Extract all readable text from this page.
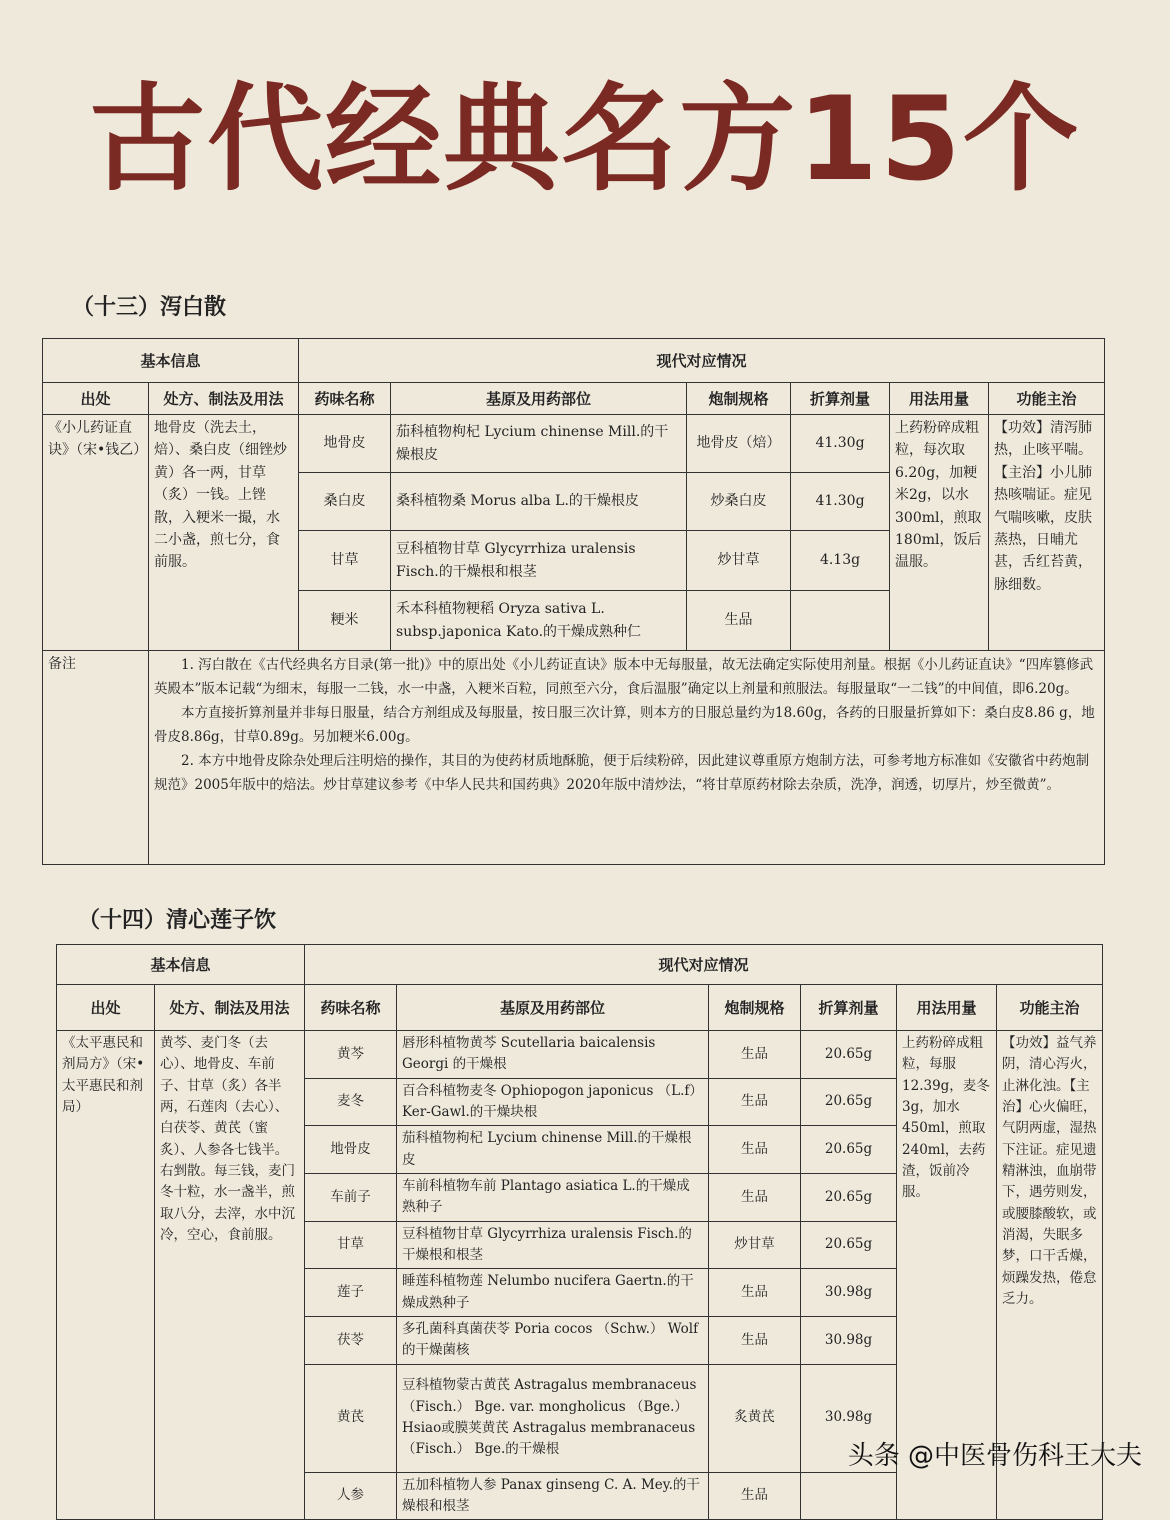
古代经典名方15个
（十三）泻白散
基本信息		现代对应情况					
出处	处方、制法及用法	药味名称	基原及用药部位	炮制规格	折算剂量	用法用量	功能主治
《小儿药证直诀》（宋•钱乙）	地骨皮（洗去土，焙）、桑白皮（细锉炒黄）各一两，甘草（炙）一钱。上锉散，入粳米一撮，水二小盏，煎七分，食前服。	地骨皮	茄科植物枸杞 Lycium chinense Mill.的干燥根皮	地骨皮（焙）	41.30g	上药粉碎成粗粒，每次取6.20g，加粳米2g，以水300ml，煎取180ml，饭后温服。	【功效】清泻肺热，止咳平喘。【主治】小儿肺热咳喘证。症见气喘咳嗽，皮肤蒸热，日晡尤甚，舌红苔黄，脉细数。
		桑白皮	桑科植物桑 Morus alba L.的干燥根皮	炒桑白皮	41.30g		
		甘草	豆科植物甘草 Glycyrrhiza uralensis Fisch.的干燥根和根茎	炒甘草	4.13g		
		粳米	禾本科植物粳稻 Oryza sativa L. subsp.japonica Kato.的干燥成熟种仁	生品			
备注	1. 泻白散在《古代经典名方目录(第一批)》中的原出处《小儿药证直诀》版本中无每服量，故无法确定实际使用剂量。根据《小儿药证直诀》“四库篡修武英殿本”版本记载“为细末，每服一二钱，水一中盏，入粳米百粒，同煎至六分，食后温服”确定以上剂量和煎服法。每服量取“一二钱”的中间值，即6.20g。

本方直接折算剂量并非每日服量，结合方剂组成及每服量，按日服三次计算，则本方的日服总量约为18.60g，各药的日服量折算如下：桑白皮8.86 g，地骨皮8.86g，甘草0.89g。另加粳米6.00g。

2. 本方中地骨皮除杂处理后注明焙的操作，其目的为使药材质地酥脆，便于后续粉碎，因此建议尊重原方炮制方法，可参考地方标准如《安徽省中药炮制规范》2005年版中的焙法。炒甘草建议参考《中华人民共和国药典》2020年版中清炒法，“将甘草原药材除去杂质，洗净，润透，切厚片，炒至微黄”。						

（十四）清心莲子饮
基本信息		现代对应情况					
出处	处方、制法及用法	药味名称	基原及用药部位	炮制规格	折算剂量	用法用量	功能主治
《太平惠民和剂局方》（宋•太平惠民和剂局）	黄芩、麦门冬（去心）、地骨皮、车前子、甘草（炙）各半两，石莲肉（去心）、白茯苓、黄芪（蜜炙）、人参各七钱半。右剉散。每三钱，麦门冬十粒，水一盏半，煎取八分，去滓，水中沉冷，空心，食前服。	黄芩	唇形科植物黄芩 Scutellaria baicalensis Georgi 的干燥根	生品	20.65g	上药粉碎成粗粒，每服12.39g，麦冬3g，加水450ml，煎取240ml，去药渣，饭前冷服。	【功效】益气养阴，清心泻火，止淋化浊。【主治】心火偏旺，气阴两虚，湿热下注证。症见遗精淋浊，血崩带下，遇劳则发，或腰膝酸软，或消渴，失眠多梦，口干舌燥，烦躁发热，倦怠乏力。
		麦冬	百合科植物麦冬 Ophiopogon japonicus （L.f） Ker-Gawl.的干燥块根	生品	20.65g		
		地骨皮	茄科植物枸杞 Lycium chinense Mill.的干燥根皮	生品	20.65g		
		车前子	车前科植物车前 Plantago asiatica L.的干燥成熟种子	生品	20.65g		
		甘草	豆科植物甘草 Glycyrrhiza uralensis Fisch.的干燥根和根茎	炒甘草	20.65g		
		莲子	睡莲科植物莲 Nelumbo nucifera Gaertn.的干燥成熟种子	生品	30.98g		
		茯苓	多孔菌科真菌茯苓 Poria cocos （Schw.） Wolf的干燥菌核	生品	30.98g		
		黄芪	豆科植物蒙古黄芪 Astragalus membranaceus （Fisch.） Bge. var. mongholicus （Bge.） Hsiao或膜荚黄芪 Astragalus membranaceus （Fisch.） Bge.的干燥根	炙黄芪	30.98g		
		人参	五加科植物人参 Panax ginseng C. A. Mey.的干燥根和根茎	生品			
头条 @中医骨伤科王大夫
